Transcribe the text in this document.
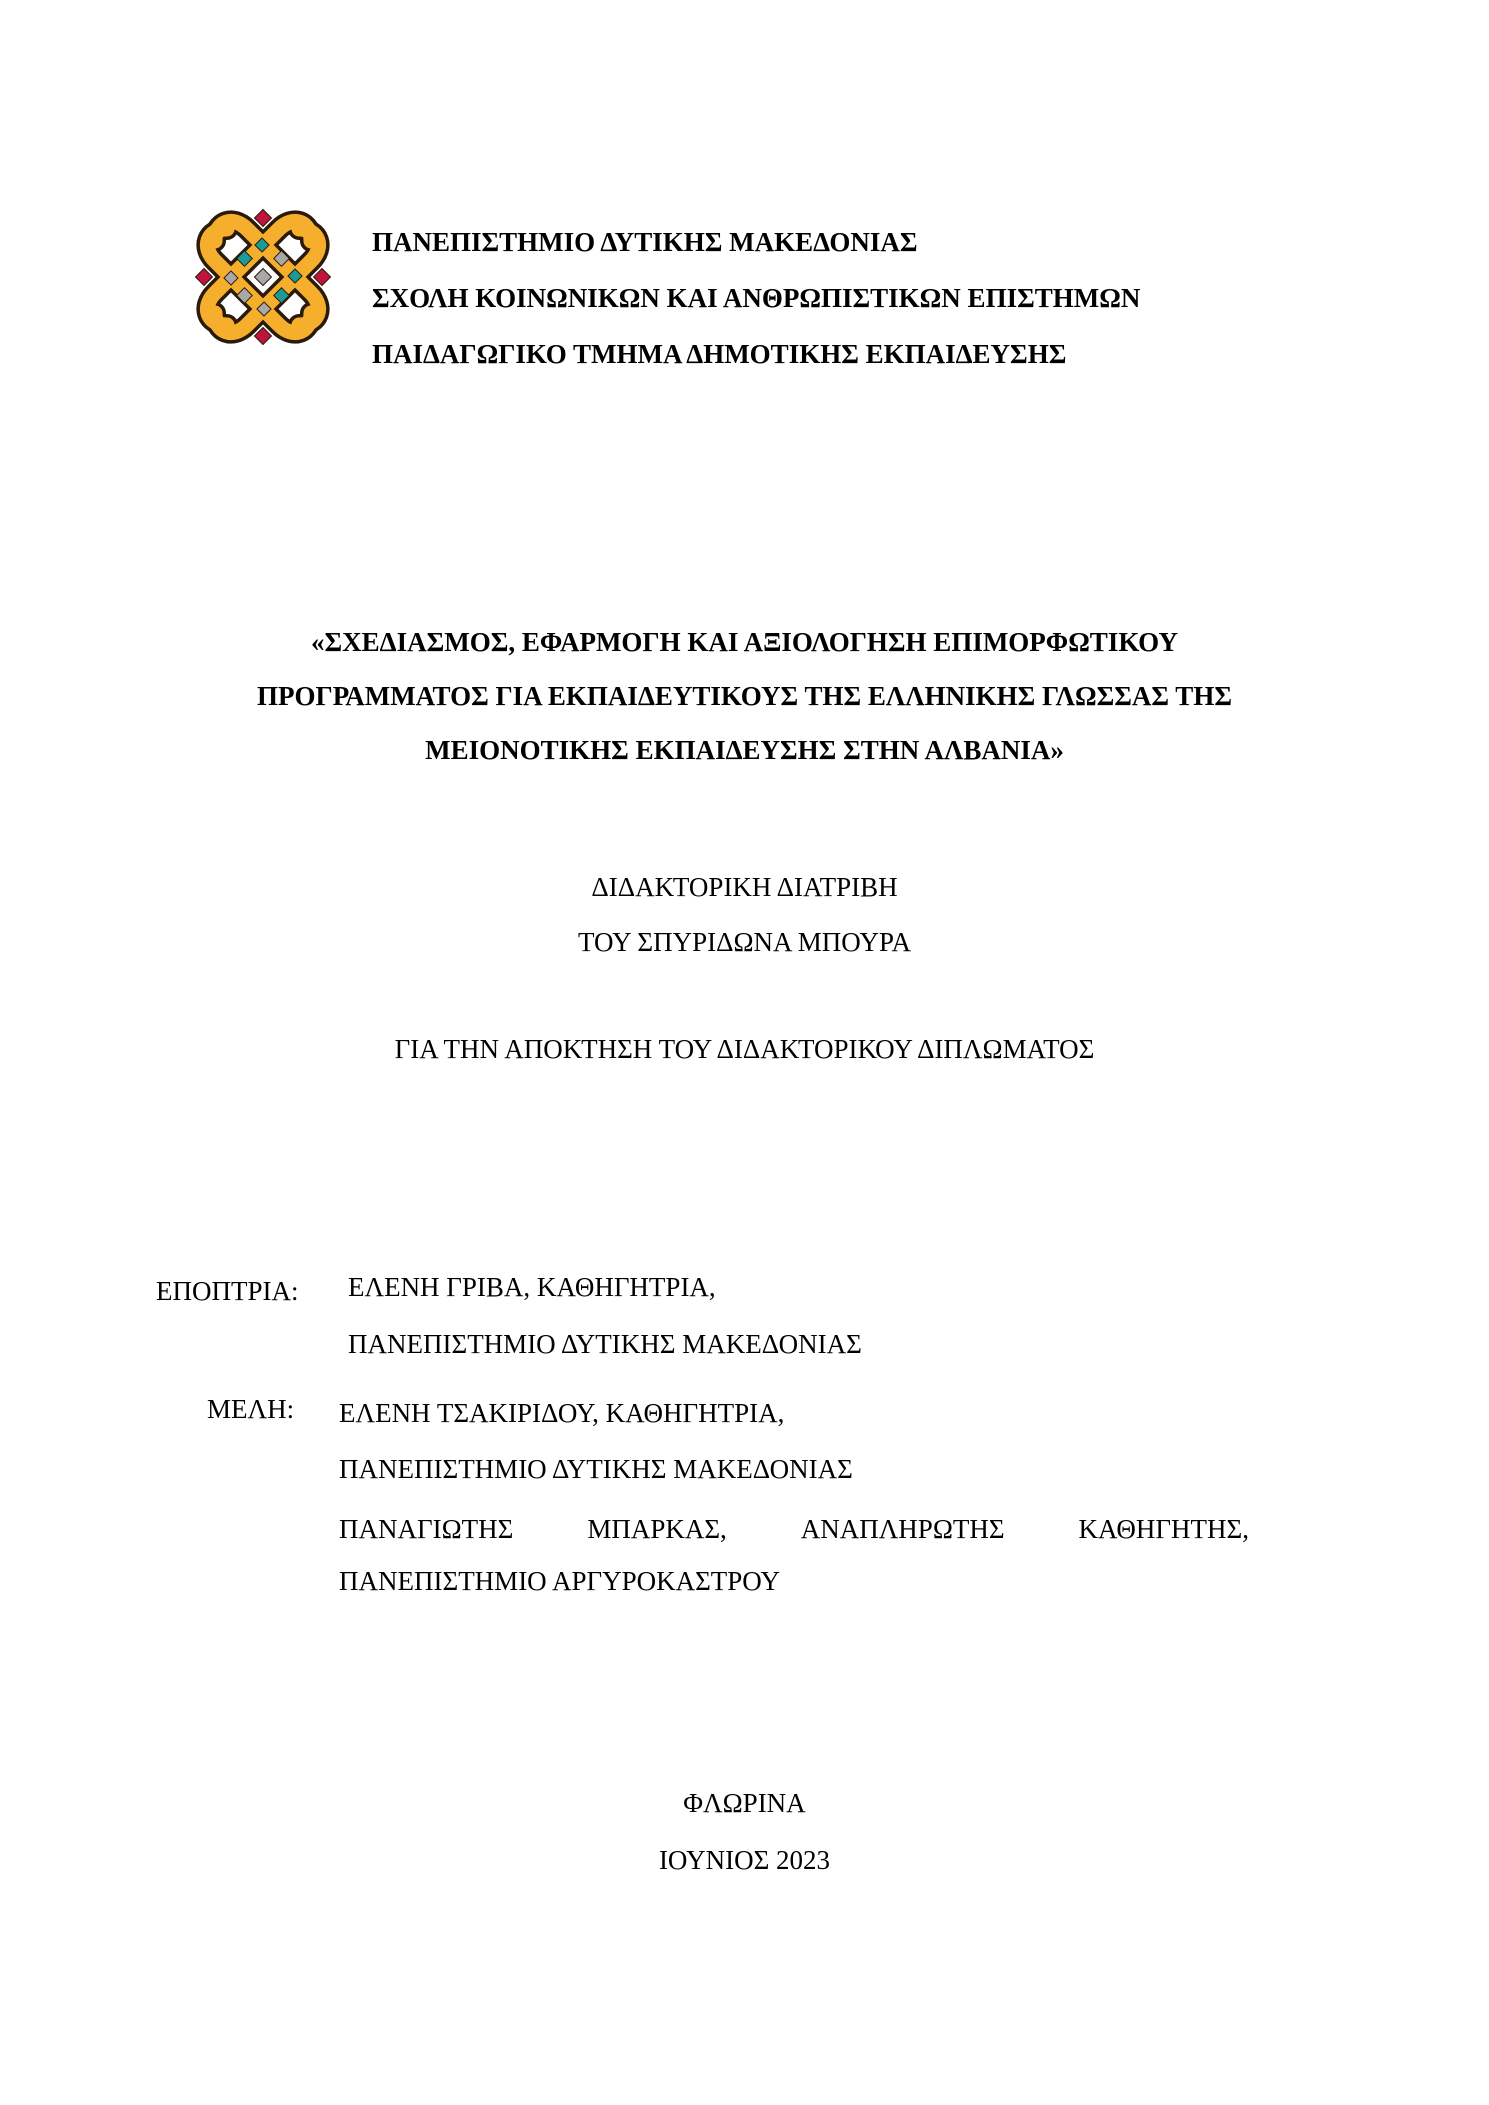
ΠΑΝΕΠΙΣΤΗΜΙΟ ΔΥΤΙΚΗΣ ΜΑΚΕΔΟΝΙΑΣ
ΣΧΟΛΗ ΚΟΙΝΩΝΙΚΩΝ ΚΑΙ ΑΝΘΡΩΠΙΣΤΙΚΩΝ ΕΠΙΣΤΗΜΩΝ
ΠΑΙΔΑΓΩΓΙΚΟ ΤΜΗΜΑ ΔΗΜΟΤΙΚΗΣ ΕΚΠΑΙΔΕΥΣΗΣ
«ΣΧΕΔΙΑΣΜΟΣ, ΕΦΑΡΜΟΓΗ ΚΑΙ ΑΞΙΟΛΟΓΗΣΗ ΕΠΙΜΟΡΦΩΤΙΚΟΥ
ΠΡΟΓΡΑΜΜΑΤΟΣ ΓΙΑ ΕΚΠΑΙΔΕΥΤΙΚΟΥΣ ΤΗΣ ΕΛΛΗΝΙΚΗΣ ΓΛΩΣΣΑΣ ΤΗΣ
ΜΕΙΟΝΟΤΙΚΗΣ ΕΚΠΑΙΔΕΥΣΗΣ ΣΤΗΝ ΑΛΒΑΝΙΑ»
ΔΙΔΑΚΤΟΡΙΚΗ ΔΙΑΤΡΙΒΗ
ΤΟΥ ΣΠΥΡΙΔΩΝΑ ΜΠΟΥΡΑ
ΓΙΑ ΤΗΝ ΑΠΟΚΤΗΣΗ ΤΟΥ ΔΙΔΑΚΤΟΡΙΚΟΥ ΔΙΠΛΩΜΑΤΟΣ
ΕΠΟΠΤΡΙΑ: ΕΛΕΝΗ ΓΡΙΒΑ, ΚΑΘΗΓΗΤΡΙΑ,
ΠΑΝΕΠΙΣΤΗΜΙΟ ΔΥΤΙΚΗΣ ΜΑΚΕΔΟΝΙΑΣ
ΜΕΛΗ: ΕΛΕΝΗ ΤΣΑΚΙΡΙΔΟΥ, ΚΑΘΗΓΗΤΡΙΑ,
ΠΑΝΕΠΙΣΤΗΜΙΟ ΔΥΤΙΚΗΣ ΜΑΚΕΔΟΝΙΑΣ
ΠΑΝΑΓΙΩΤΗΣ	ΜΠΑΡΚΑΣ,	ΑΝΑΠΛΗΡΩΤΗΣ	ΚΑΘΗΓΗΤΗΣ,
ΠΑΝΕΠΙΣΤΗΜΙΟ ΑΡΓΥΡΟΚΑΣΤΡΟΥ
ΦΛΩΡΙΝΑ
ΙΟΥΝΙΟΣ 2023
